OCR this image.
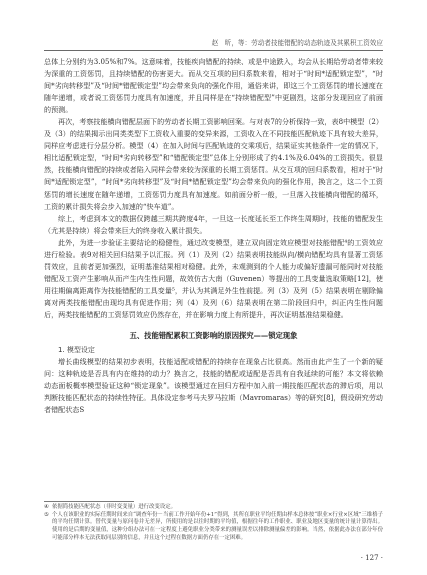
赵　昕，等：劳动者技能错配的动态轨迹及其累积工资效应

总体上分别约为3.05%和7%。这意味着，技能疾向错配的持续、或是中途跌入，均会从长期给劳动者带来较为深重的工资惩罚，且持续错配的伤害更大。而从交互项的回归系数来看，相对于“时间*适配锁定型”，“时间*劣向转移型”及“时间*错配锁定型”均会带来负向的强化作用，通俗来讲，即这三个工资惩罚的增长速度在随年递增，或者说工资惩罚力度具有加速度，并且同样是在“持续错配型”中更剧烈，这部分发现回应了前面的预测。

再次，考察技能横向错配层面下的劳动者长期工资影响回案。与对表7的分析保持一致，表8中模型（2）及（3）的结果揭示出同类类型下工资收入重要的变异来源，工资收入在不同技能匹配轨迹下具有较大差异，同样应考虑进行分层分析。模型（4）在加入时间与匹配轨迹的交乘项后，结果证实其他条件一定的情况下，相比适配锁定型，“时间*劣向转移型”和“错配锁定型”总体上分别形成了约4.1%及6.04%的工资损失。很显然，技能横向错配的持续或者陷入同样会带来较为深重的长期工资惩罚。从交互项的回归系数看，相对于“时间*适配锁定型”，“时间*劣向转移型”及“时间*错配锁定型”均会带来负向的强化作用，换言之，这二个工资惩罚的增长速度在随年递增，工资惩罚力度具有加速度。如前面分析一般，一旦落入技能横向错配的循环，工资的累计损失将会步入加速的“快车道”。

综上，考虑到本文的数据仅跨越三期共跨度4年，一旦这一长度延长至工作终生周期时，技能的错配发生（尤其是持续）将会带来巨大的终身收入累计损失。

此外，为进一步验证主要结论的稳健性，通过改变模型，建立双向固定效应模型对技能错配⁴的工资效应进行检验。表9对相关回归结果予以汇报。列（1）及列（2）结果表明技能纵向/横向错配均具有显著工资惩罚效应，且前者更加强烈，证明基准结果相对稳健。此外，未观测到的个人能力或偏好遗漏可能同时对技能错配及工资产生影响从而产生内生性问题，故效仿古大南（Guvenen）等提出的工具变量选取策略[12]，使用往期偏离距离作为技能错配的工具变量⁵，并认为其满足外生性前提。列（3）及列（5）结果表明在剔除偏离对两类技能错配由现均具有促进作用；列（4）及列（6）结果表明在第二阶段回归中，纠正内生性问题后，两类技能错配的工资惩罚效应仍然存在，并在影响力度上有所提升，再次证明基准结果稳健。

五、技能错配累积工资影响的原因探究——锁定现象
1. 模型设定

增长曲线模型的结果初步表明，技能适配或错配的持续存在现象占比很高。然而由此产生了一个新的疑问：这种轨迹是否具有内在维持的动力？换言之，技能的错配或适配是否具有自我延续的可能？本文将依赖动态面板概率模型验证这种“锁定现象”。该模型通过在回归方程中加入前一期技能匹配状态的滞后项，用以判断技能匹配状态的持续性特征。具体设定参考马夫罗马拉斯（Mavromaras）等的研究[8]，假设研究劳动者错配状态S

④ 依据简技能匹配状态（非时变变量）进行改变设定。

⑤ 个人在该职业的实际任期时间来自“调查年份－当前工作开始年份+1”得到，其所在职业平均任期由样本总体按“职业×行业×区域”三维格子的平均任期计算。替代变量与原问卷并无差异，所使用的是以往时期的平均值，根据往年的工作职业、职业及地区变量的统计量计算得出。使用的是后期的变量值，这种分组办法可在一定程度上避免职业分类带来的测量误差以排除测量偏差的影响。当然，依据此办法在部分年份可能部分样本无法获取同层别的信息，并且这个过程在数据方面仍存在一定困难。

· 127 ·
